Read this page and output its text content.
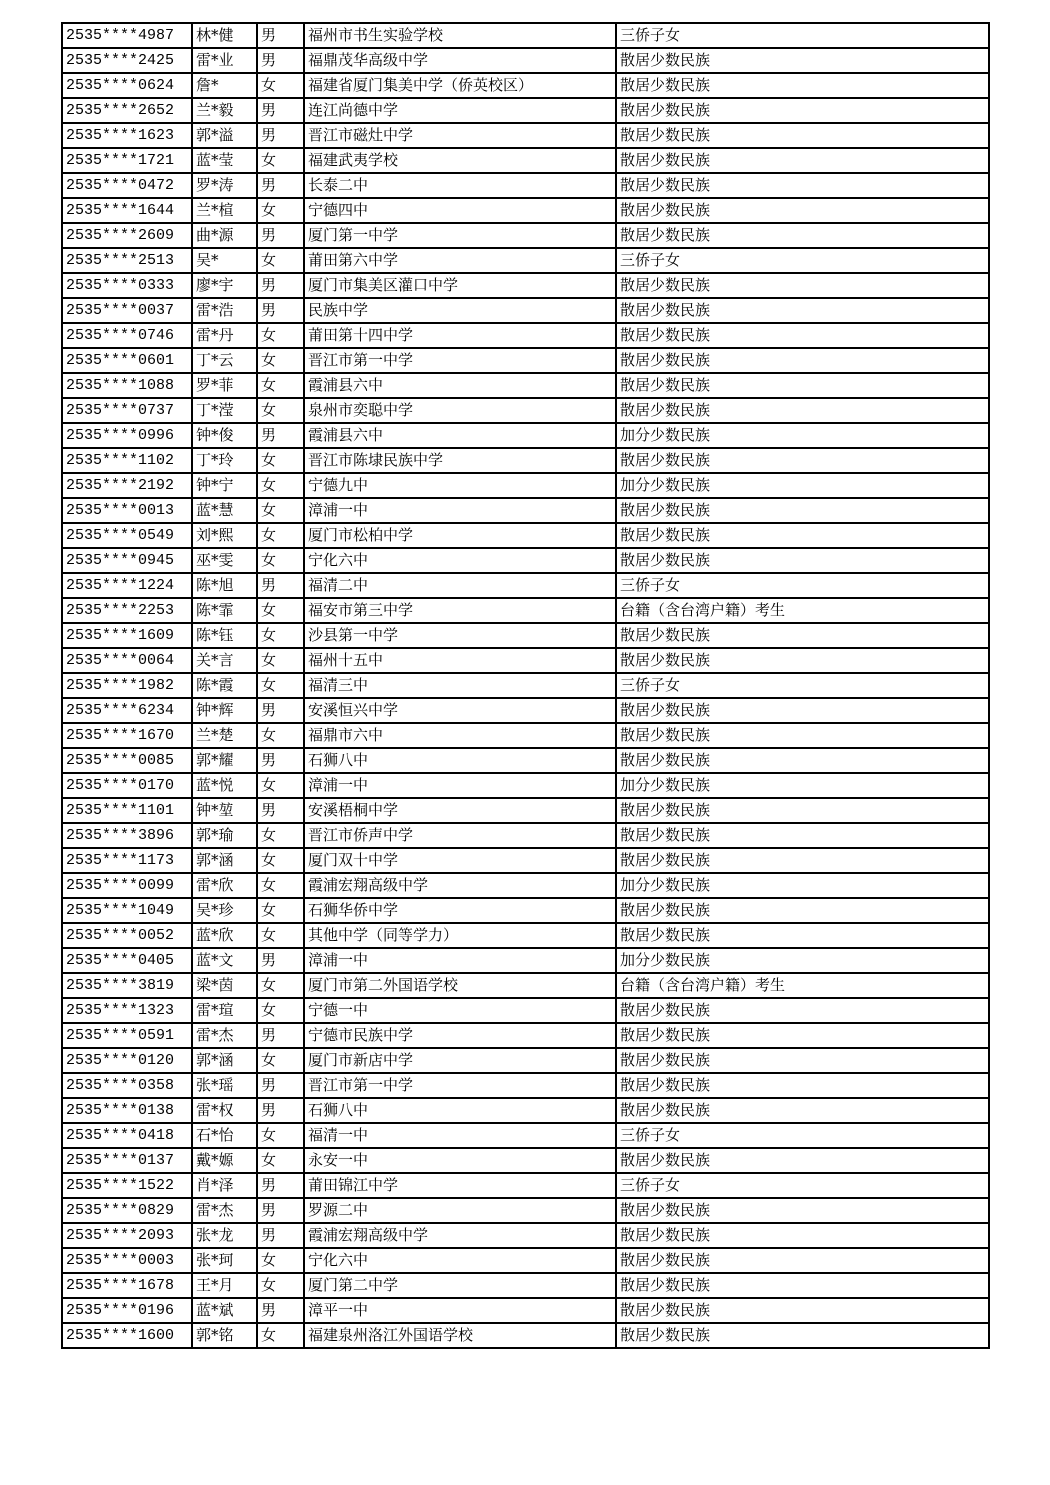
2535****4987	林*健	男	福州市书生实验学校	三侨子女
2535****2425	雷*业	男	福鼎茂华高级中学	散居少数民族
2535****0624	詹*	女	福建省厦门集美中学（侨英校区）	散居少数民族
2535****2652	兰*毅	男	连江尚德中学	散居少数民族
2535****1623	郭*溢	男	晋江市磁灶中学	散居少数民族
2535****1721	蓝*莹	女	福建武夷学校	散居少数民族
2535****0472	罗*涛	男	长泰二中	散居少数民族
2535****1644	兰*楦	女	宁德四中	散居少数民族
2535****2609	曲*源	男	厦门第一中学	散居少数民族
2535****2513	吴*	女	莆田第六中学	三侨子女
2535****0333	廖*宇	男	厦门市集美区灌口中学	散居少数民族
2535****0037	雷*浩	男	民族中学	散居少数民族
2535****0746	雷*丹	女	莆田第十四中学	散居少数民族
2535****0601	丁*云	女	晋江市第一中学	散居少数民族
2535****1088	罗*菲	女	霞浦县六中	散居少数民族
2535****0737	丁*滢	女	泉州市奕聪中学	散居少数民族
2535****0996	钟*俊	男	霞浦县六中	加分少数民族
2535****1102	丁*玲	女	晋江市陈埭民族中学	散居少数民族
2535****2192	钟*宁	女	宁德九中	加分少数民族
2535****0013	蓝*慧	女	漳浦一中	散居少数民族
2535****0549	刘*熙	女	厦门市松柏中学	散居少数民族
2535****0945	巫*雯	女	宁化六中	散居少数民族
2535****1224	陈*旭	男	福清二中	三侨子女
2535****2253	陈*霏	女	福安市第三中学	台籍（含台湾户籍）考生
2535****1609	陈*钰	女	沙县第一中学	散居少数民族
2535****0064	关*言	女	福州十五中	散居少数民族
2535****1982	陈*霞	女	福清三中	三侨子女
2535****6234	钟*辉	男	安溪恒兴中学	散居少数民族
2535****1670	兰*楚	女	福鼎市六中	散居少数民族
2535****0085	郭*耀	男	石狮八中	散居少数民族
2535****0170	蓝*悦	女	漳浦一中	加分少数民族
2535****1101	钟*堃	男	安溪梧桐中学	散居少数民族
2535****3896	郭*瑜	女	晋江市侨声中学	散居少数民族
2535****1173	郭*涵	女	厦门双十中学	散居少数民族
2535****0099	雷*欣	女	霞浦宏翔高级中学	加分少数民族
2535****1049	吴*珍	女	石狮华侨中学	散居少数民族
2535****0052	蓝*欣	女	其他中学（同等学力）	散居少数民族
2535****0405	蓝*文	男	漳浦一中	加分少数民族
2535****3819	梁*茵	女	厦门市第二外国语学校	台籍（含台湾户籍）考生
2535****1323	雷*瑄	女	宁德一中	散居少数民族
2535****0591	雷*杰	男	宁德市民族中学	散居少数民族
2535****0120	郭*涵	女	厦门市新店中学	散居少数民族
2535****0358	张*瑶	男	晋江市第一中学	散居少数民族
2535****0138	雷*权	男	石狮八中	散居少数民族
2535****0418	石*怡	女	福清一中	三侨子女
2535****0137	戴*嫄	女	永安一中	散居少数民族
2535****1522	肖*泽	男	莆田锦江中学	三侨子女
2535****0829	雷*杰	男	罗源二中	散居少数民族
2535****2093	张*龙	男	霞浦宏翔高级中学	散居少数民族
2535****0003	张*珂	女	宁化六中	散居少数民族
2535****1678	王*月	女	厦门第二中学	散居少数民族
2535****0196	蓝*斌	男	漳平一中	散居少数民族
2535****1600	郭*铭	女	福建泉州洛江外国语学校	散居少数民族
